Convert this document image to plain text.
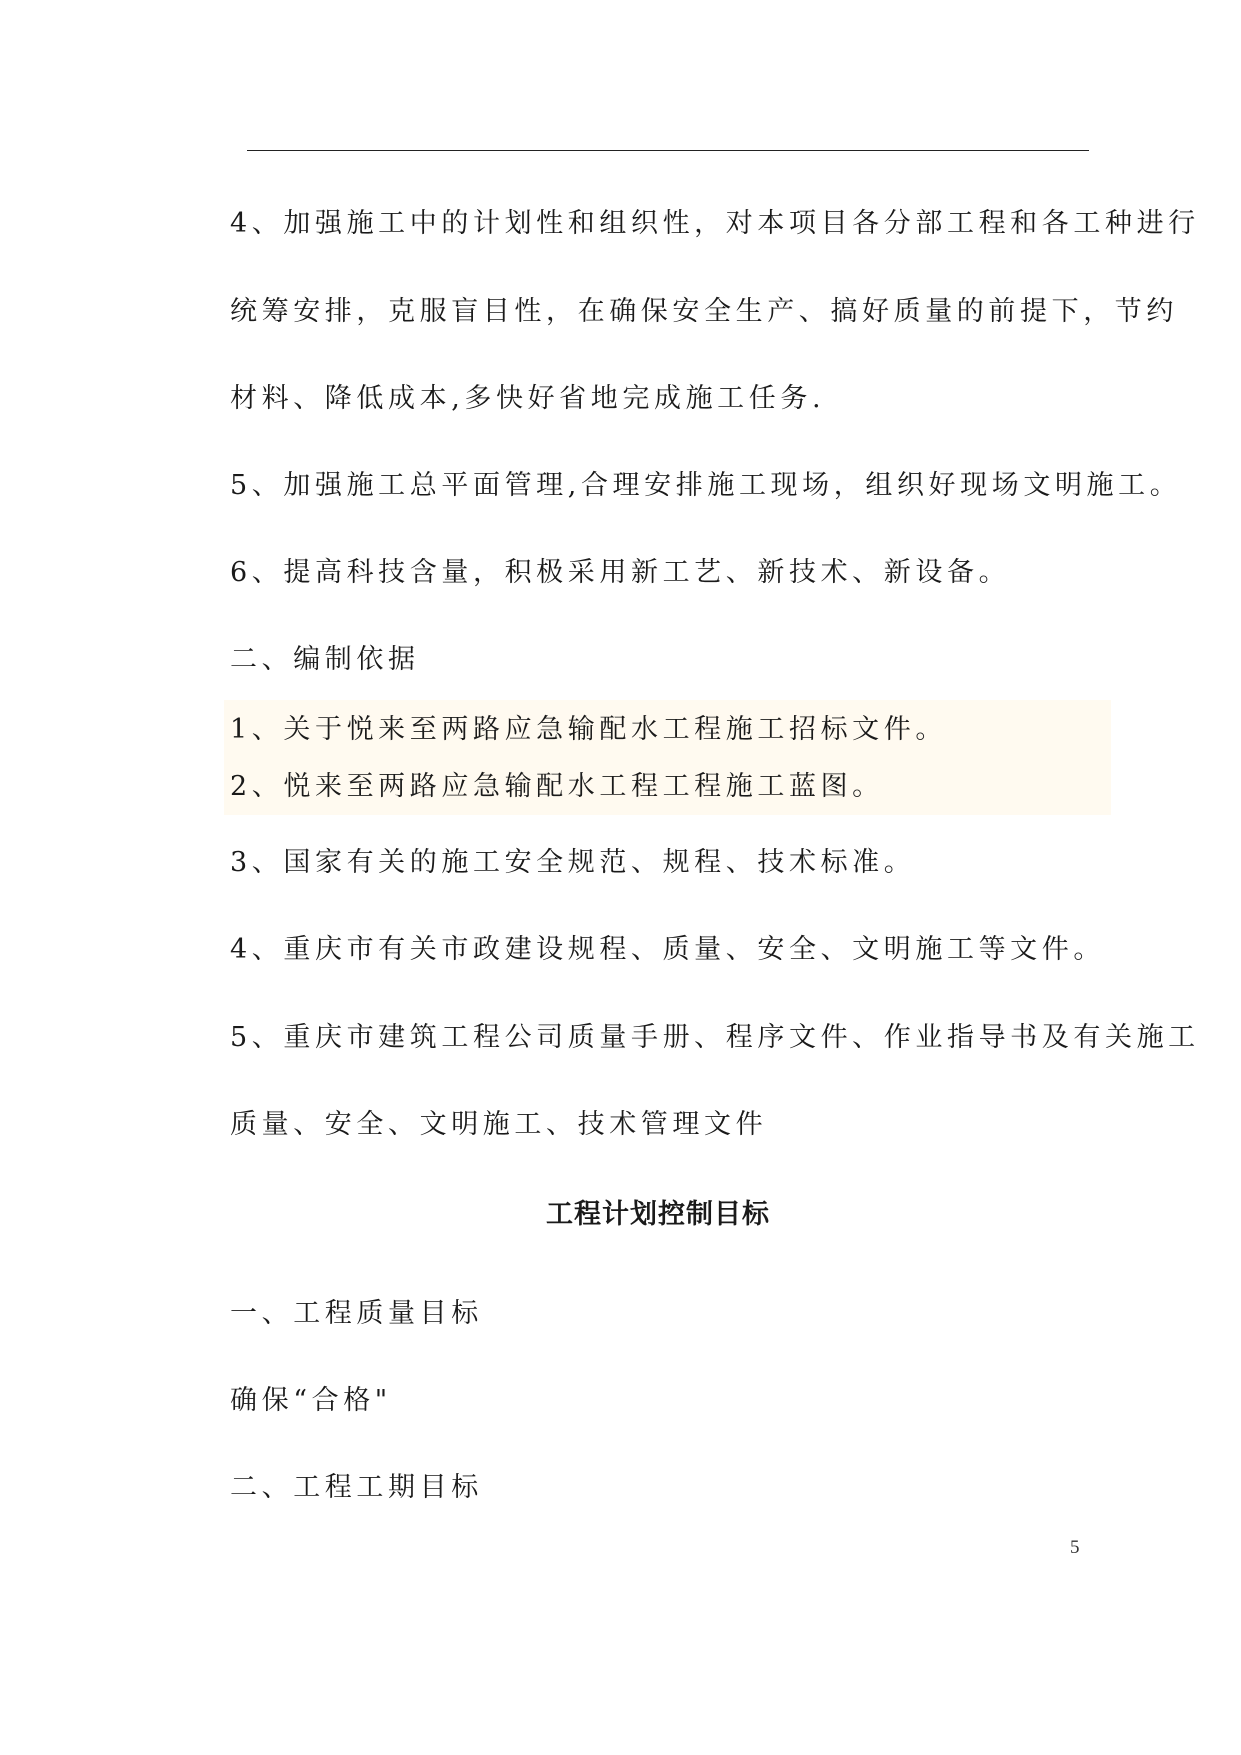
4、加强施工中的计划性和组织性，对本项目各分部工程和各工种进行
统筹安排，克服盲目性，在确保安全生产、搞好质量的前提下，节约
材料、降低成本,多快好省地完成施工任务.
5、加强施工总平面管理,合理安排施工现场，组织好现场文明施工。
6、提高科技含量，积极采用新工艺、新技术、新设备。
二、编制依据
1、关于悦来至两路应急输配水工程施工招标文件。
2、悦来至两路应急输配水工程工程施工蓝图。
3、国家有关的施工安全规范、规程、技术标准。
4、重庆市有关市政建设规程、质量、安全、文明施工等文件。
5、重庆市建筑工程公司质量手册、程序文件、作业指导书及有关施工
质量、安全、文明施工、技术管理文件
工程计划控制目标
一、工程质量目标
确保“合格"
二、工程工期目标
5
